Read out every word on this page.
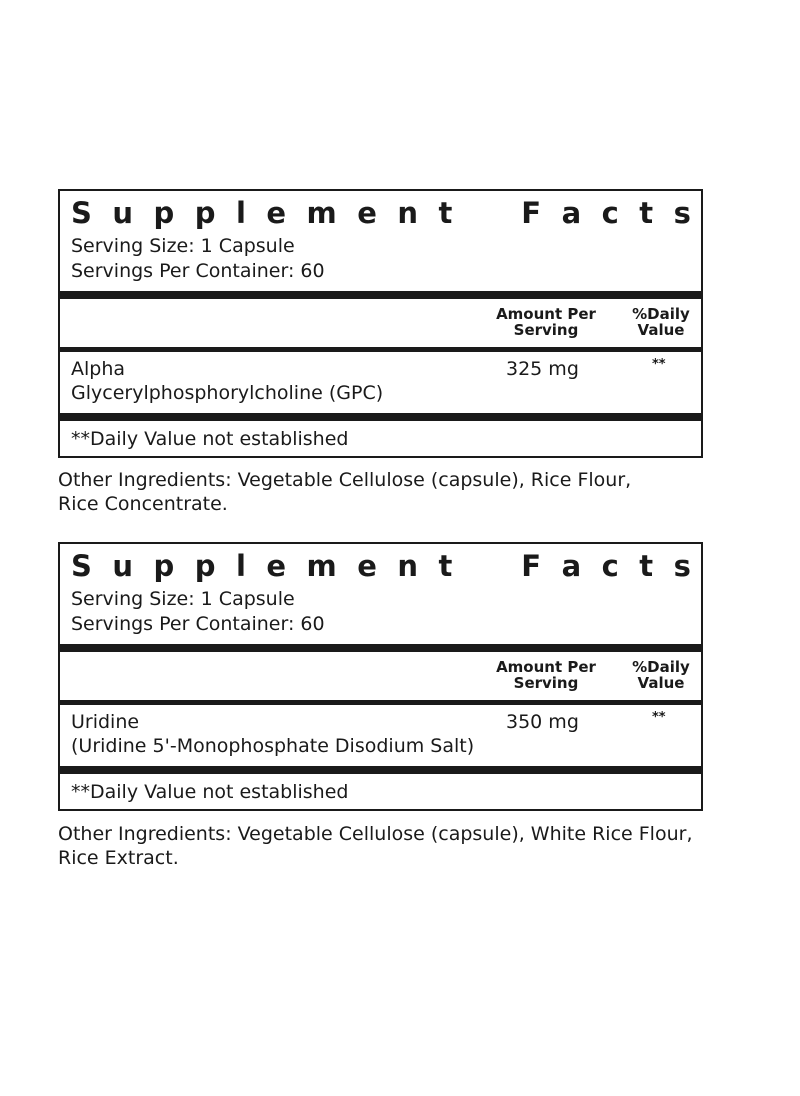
S u p p l e m e n t F a c t s
Serving Size: 1 Capsule
Servings Per Container: 60
Amount Per
Serving
%Daily
Value
Alpha
Glycerylphosphorylcholine (GPC)
325 mg	**
**Daily Value not established
Other Ingredients: Vegetable Cellulose (capsule), Rice Flour,
Rice Concentrate.
S u p p l e m e n t F a c t s
Serving Size: 1 Capsule
Servings Per Container: 60
Amount Per
Serving
%Daily
Value
Uridine
(Uridine 5'-Monophosphate Disodium Salt)
350 mg	**
**Daily Value not established
Other Ingredients: Vegetable Cellulose (capsule), White Rice Flour,
Rice Extract.
